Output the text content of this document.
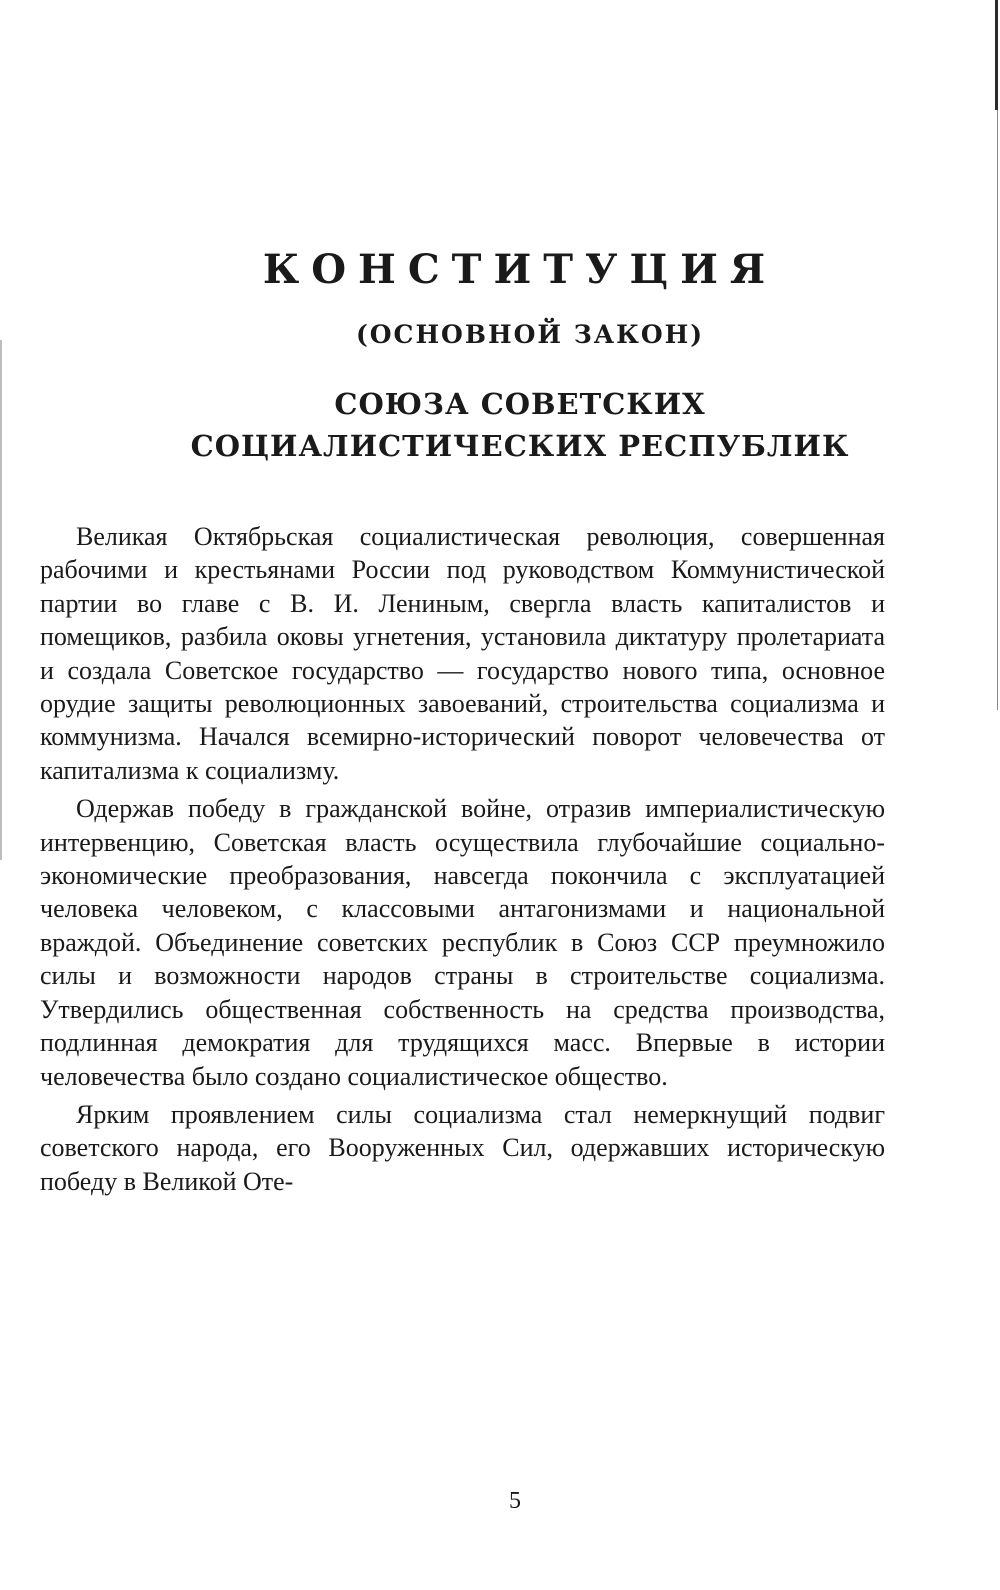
КОНСТИТУЦИЯ
(ОСНОВНОЙ ЗАКОН)
СОЮЗА СОВЕТСКИХ
СОЦИАЛИСТИЧЕСКИХ РЕСПУБЛИК

Великая Октябрьская социалистическая революция, совершенная рабочими и крестьянами России под руководством Коммунистической партии во главе с В. И. Лениным, свергла власть капиталистов и помещиков, разбила оковы угнетения, установила диктатуру пролетариата и создала Советское государство — государство нового типа, основное орудие защиты революционных завоеваний, строительства социализма и коммунизма. Начался всемирно-исторический поворот человечества от капитализма к социализму.

Одержав победу в гражданской войне, отразив империалистическую интервенцию, Советская власть осуществила глубочайшие социально-экономические преобразования, навсегда покончила с эксплуатацией человека человеком, с классовыми антагонизмами и национальной враждой. Объединение советских республик в Союз ССР преумножило силы и возможности народов страны в строительстве социализма. Утвердились общественная собственность на средства производства, подлинная демократия для трудящихся масс. Впервые в истории человечества было создано социалистическое общество.

Ярким проявлением силы социализма стал немеркнущий подвиг советского народа, его Вооруженных Сил, одержавших историческую победу в Великой Оте-

5
